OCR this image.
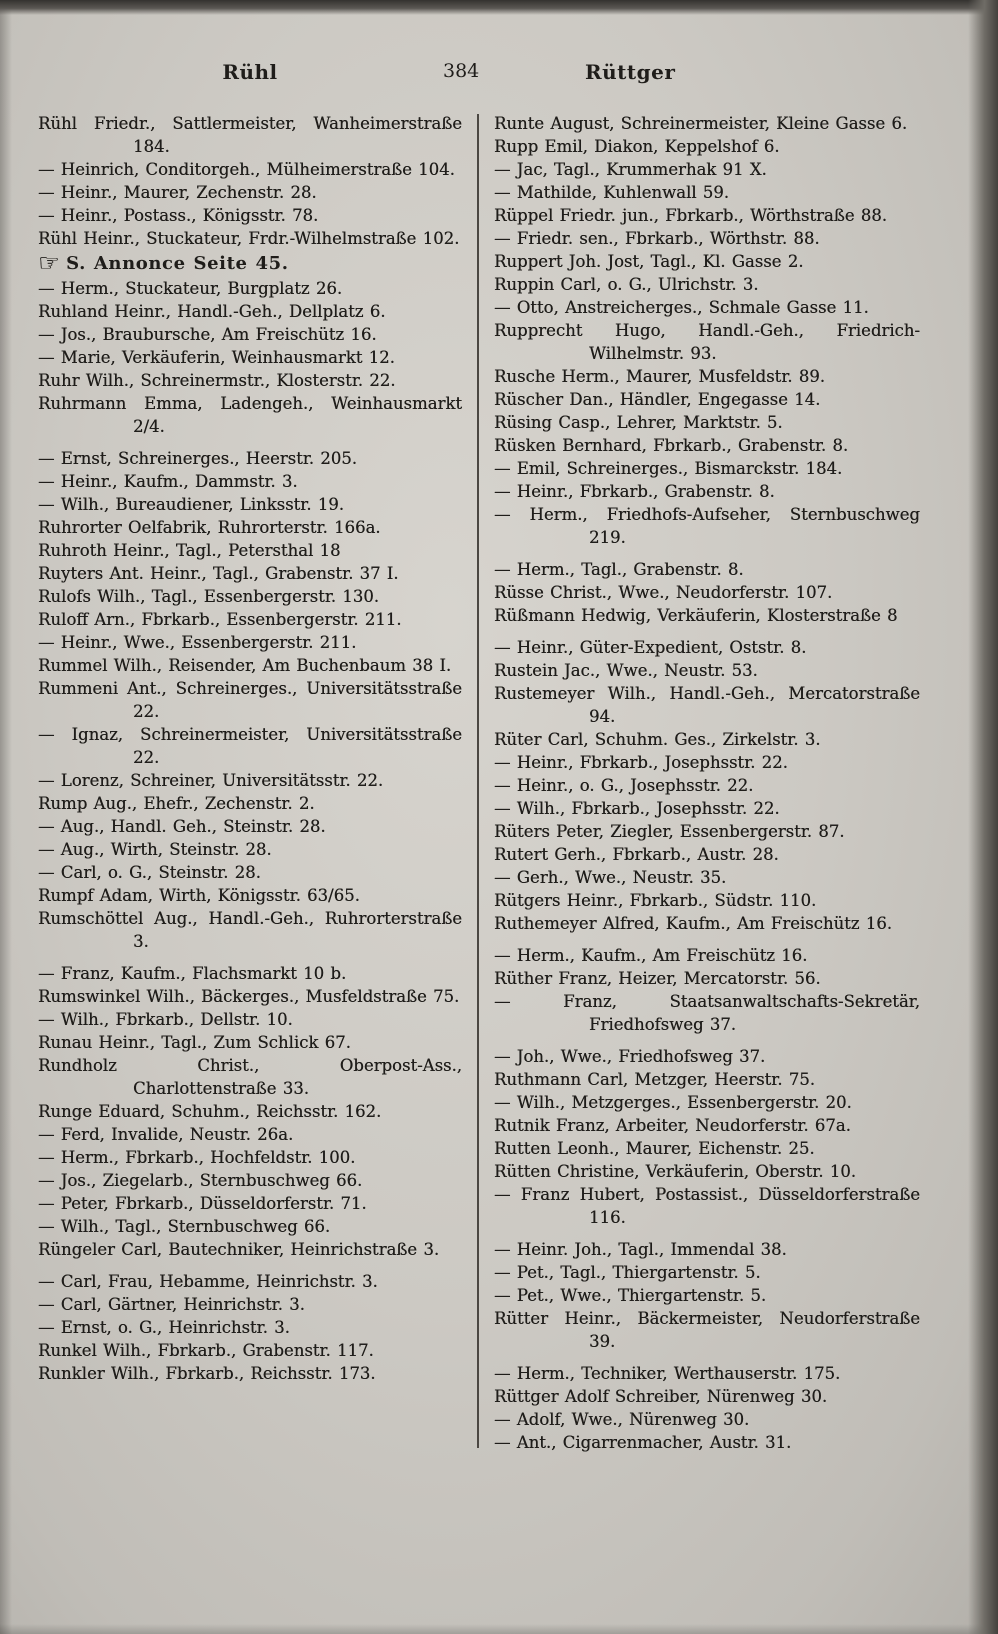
Rühl	384	Rüttger

Rühl Friedr., Sattlermeister, Wanheimerstraße 184.

— Heinrich, Conditorgeh., Mülheimerstraße 104.

— Heinr., Maurer, Zechenstr. 28.

— Heinr., Postass., Königsstr. 78.

Rühl Heinr., Stuckateur, Frdr.-Wilhelmstraße 102.

☞ S. Annonce Seite 45.

— Herm., Stuckateur, Burgplatz 26.

Ruhland Heinr., Handl.-Geh., Dellplatz 6.

— Jos., Braubursche, Am Freischütz 16.

— Marie, Verkäuferin, Weinhausmarkt 12.

Ruhr Wilh., Schreinermstr., Klosterstr. 22.

Ruhrmann Emma, Ladengeh., Weinhausmarkt 2/4.

— Ernst, Schreinerges., Heerstr. 205.

— Heinr., Kaufm., Dammstr. 3.

— Wilh., Bureaudiener, Linksstr. 19.

Ruhrorter Oelfabrik, Ruhrorterstr. 166a.

Ruhroth Heinr., Tagl., Petersthal 18

Ruyters Ant. Heinr., Tagl., Grabenstr. 37 I.

Rulofs Wilh., Tagl., Essenbergerstr. 130.

Ruloff Arn., Fbrkarb., Essenbergerstr. 211.

— Heinr., Wwe., Essenbergerstr. 211.

Rummel Wilh., Reisender, Am Buchenbaum 38 I.

Rummeni Ant., Schreinerges., Universitätsstraße 22.

— Ignaz, Schreinermeister, Universitätsstraße 22.

— Lorenz, Schreiner, Universitätsstr. 22.

Rump Aug., Ehefr., Zechenstr. 2.

— Aug., Handl. Geh., Steinstr. 28.

— Aug., Wirth, Steinstr. 28.

— Carl, o. G., Steinstr. 28.

Rumpf Adam, Wirth, Königsstr. 63/65.

Rumschöttel Aug., Handl.-Geh., Ruhrorterstraße 3.

— Franz, Kaufm., Flachsmarkt 10 b.

Rumswinkel Wilh., Bäckerges., Musfeldstraße 75.

— Wilh., Fbrkarb., Dellstr. 10.

Runau Heinr., Tagl., Zum Schlick 67.

Rundholz Christ., Oberpost-Ass., Charlottenstraße 33.

Runge Eduard, Schuhm., Reichsstr. 162.

— Ferd, Invalide, Neustr. 26a.

— Herm., Fbrkarb., Hochfeldstr. 100.

— Jos., Ziegelarb., Sternbuschweg 66.

— Peter, Fbrkarb., Düsseldorferstr. 71.

— Wilh., Tagl., Sternbuschweg 66.

Rüngeler Carl, Bautechniker, Heinrichstraße 3.

— Carl, Frau, Hebamme, Heinrichstr. 3.

— Carl, Gärtner, Heinrichstr. 3.

— Ernst, o. G., Heinrichstr. 3.

Runkel Wilh., Fbrkarb., Grabenstr. 117.

Runkler Wilh., Fbrkarb., Reichsstr. 173.

Runte August, Schreinermeister, Kleine Gasse 6.

Rupp Emil, Diakon, Keppelshof 6.

— Jac, Tagl., Krummerhak 91 X.

— Mathilde, Kuhlenwall 59.

Rüppel Friedr. jun., Fbrkarb., Wörthstraße 88.

— Friedr. sen., Fbrkarb., Wörthstr. 88.

Ruppert Joh. Jost, Tagl., Kl. Gasse 2.

Ruppin Carl, o. G., Ulrichstr. 3.

— Otto, Anstreicherges., Schmale Gasse 11.

Rupprecht Hugo, Handl.-Geh., Friedrich-Wilhelmstr. 93.

Rusche Herm., Maurer, Musfeldstr. 89.

Rüscher Dan., Händler, Engegasse 14.

Rüsing Casp., Lehrer, Marktstr. 5.

Rüsken Bernhard, Fbrkarb., Grabenstr. 8.

— Emil, Schreinerges., Bismarckstr. 184.

— Heinr., Fbrkarb., Grabenstr. 8.

— Herm., Friedhofs-Aufseher, Sternbuschweg 219.

— Herm., Tagl., Grabenstr. 8.

Rüsse Christ., Wwe., Neudorferstr. 107.

Rüßmann Hedwig, Verkäuferin, Klosterstraße 8

— Heinr., Güter-Expedient, Oststr. 8.

Rustein Jac., Wwe., Neustr. 53.

Rustemeyer Wilh., Handl.-Geh., Mercatorstraße 94.

Rüter Carl, Schuhm. Ges., Zirkelstr. 3.

— Heinr., Fbrkarb., Josephsstr. 22.

— Heinr., o. G., Josephsstr. 22.

— Wilh., Fbrkarb., Josephsstr. 22.

Rüters Peter, Ziegler, Essenbergerstr. 87.

Rutert Gerh., Fbrkarb., Austr. 28.

— Gerh., Wwe., Neustr. 35.

Rütgers Heinr., Fbrkarb., Südstr. 110.

Ruthemeyer Alfred, Kaufm., Am Freischütz 16.

— Herm., Kaufm., Am Freischütz 16.

Rüther Franz, Heizer, Mercatorstr. 56.

— Franz, Staatsanwaltschafts-Sekretär, Friedhofsweg 37.

— Joh., Wwe., Friedhofsweg 37.

Ruthmann Carl, Metzger, Heerstr. 75.

— Wilh., Metzgerges., Essenbergerstr. 20.

Rutnik Franz, Arbeiter, Neudorferstr. 67a.

Rutten Leonh., Maurer, Eichenstr. 25.

Rütten Christine, Verkäuferin, Oberstr. 10.

— Franz Hubert, Postassist., Düsseldorferstraße 116.

— Heinr. Joh., Tagl., Immendal 38.

— Pet., Tagl., Thiergartenstr. 5.

— Pet., Wwe., Thiergartenstr. 5.

Rütter Heinr., Bäckermeister, Neudorferstraße 39.

— Herm., Techniker, Werthauserstr. 175.

Rüttger Adolf Schreiber, Nürenweg 30.

— Adolf, Wwe., Nürenweg 30.

— Ant., Cigarrenmacher, Austr. 31.
